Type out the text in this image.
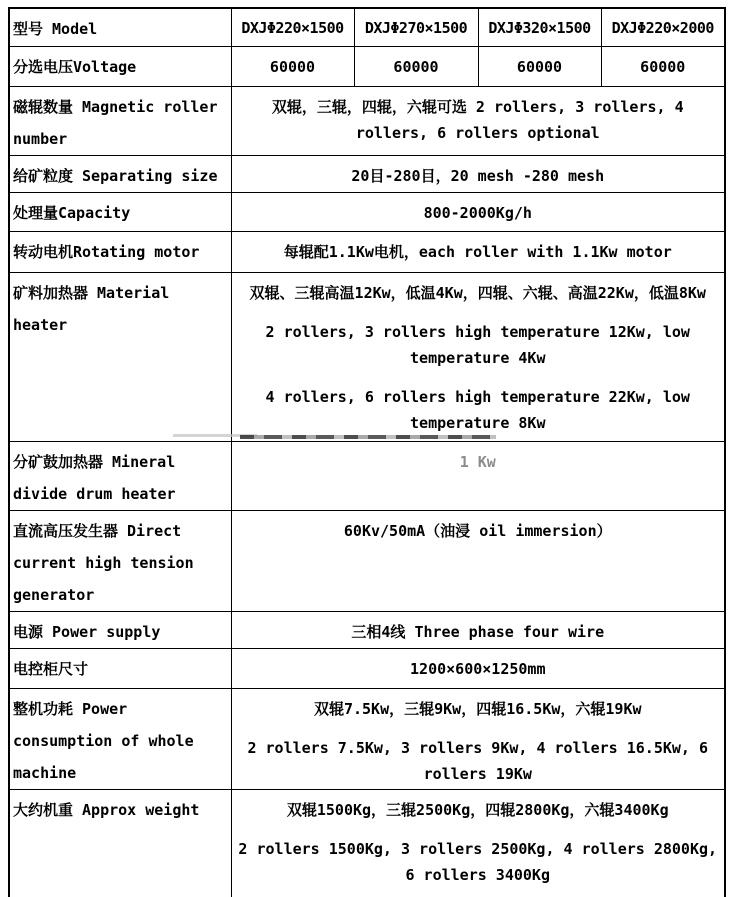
型号 Model	DXJΦ220×1500	DXJΦ270×1500	DXJΦ320×1500	DXJΦ220×2000
分选电压Voltage	60000	60000	60000	60000
磁辊数量 Magnetic roller number	双辊，三辊，四辊，六辊可选 2 rollers, 3 rollers, 4 rollers, 6 rollers optional			

给矿粒度 Separating size	20目-280目，20 mesh -280 mesh			

处理量Capacity	800-2000Kg/h			

转动电机Rotating motor	每辊配1.1Kw电机，each roller with 1.1Kw motor			

矿料加热器 Material heater	双辊、三辊高温12Kw，低温4Kw，四辊、六辊、高温22Kw，低温8Kw
2 rollers, 3 rollers high temperature 12Kw, low temperature 4Kw
4 rollers, 6 rollers high temperature 22Kw, low temperature 8Kw			

分矿鼓加热器 Mineral divide drum heater	1 Kw			

直流高压发生器 Direct current high tension generator	60Kv/50mA（油浸 oil immersion）			

电源 Power supply	三相4线 Three phase four wire			

电控柜尺寸	1200×600×1250mm			

整机功耗 Power consumption of whole machine	双辊7.5Kw，三辊9Kw，四辊16.5Kw，六辊19Kw
2 rollers 7.5Kw, 3 rollers 9Kw, 4 rollers 16.5Kw, 6 rollers 19Kw			

大约机重 Approx weight	双辊1500Kg，三辊2500Kg，四辊2800Kg，六辊3400Kg
2 rollers 1500Kg, 3 rollers 2500Kg, 4 rollers 2800Kg, 6 rollers 3400Kg			
